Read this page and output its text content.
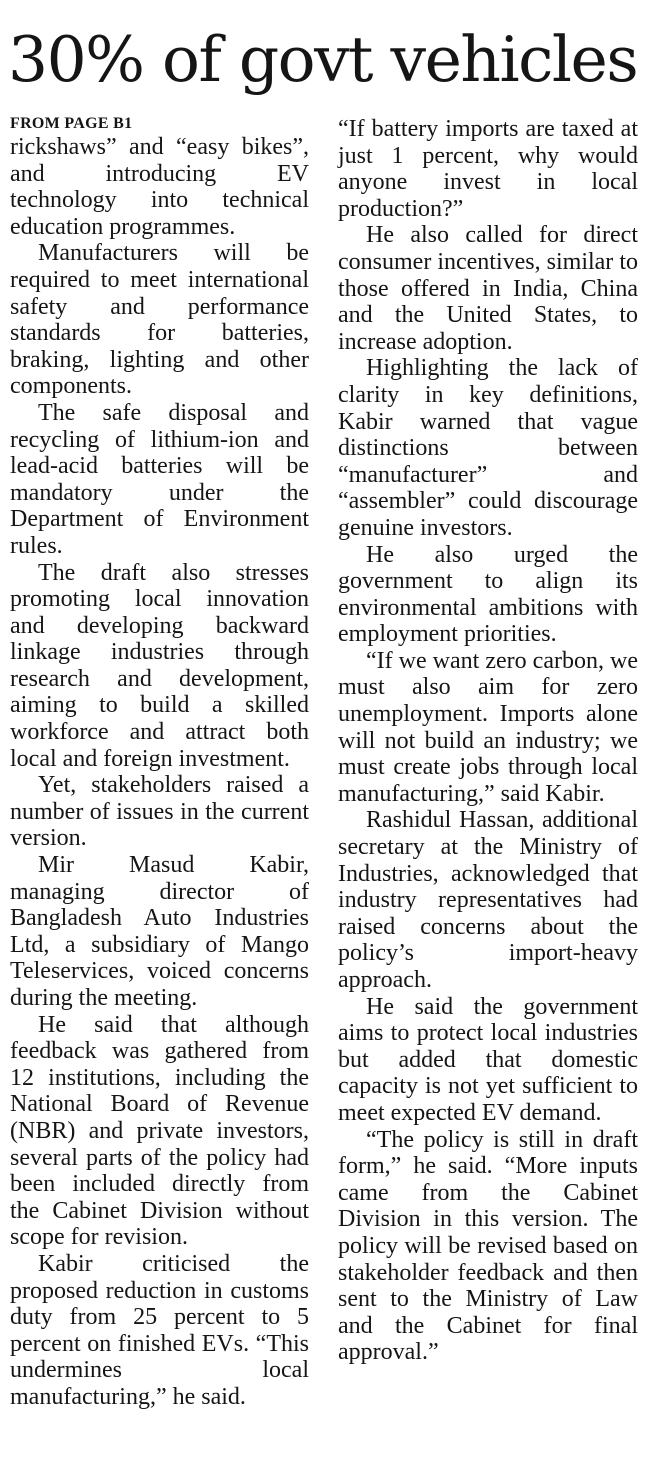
30% of govt vehicles
FROM PAGE B1

rickshaws” and “easy bikes”, and introducing EV technology into technical education programmes.

Manufacturers will be required to meet international safety and performance standards for batteries, braking, lighting and other components.

The safe disposal and recycling of lithium-ion and lead-acid batteries will be mandatory under the Department of Environment rules.

The draft also stresses promoting local innovation and developing backward linkage industries through research and development, aiming to build a skilled workforce and attract both local and foreign investment.

Yet, stakeholders raised a number of issues in the current version.

Mir Masud Kabir, managing director of Bangladesh Auto Industries Ltd, a subsidiary of Mango Teleservices, voiced concerns during the meeting.

He said that although feedback was gathered from 12 institutions, including the National Board of Revenue (NBR) and private investors, several parts of the policy had been included directly from the Cabinet Division without scope for revision.

Kabir criticised the proposed reduction in customs duty from 25 percent to 5 percent on finished EVs. “This undermines local manufacturing,” he said.

“If battery imports are taxed at just 1 percent, why would anyone invest in local production?”

He also called for direct consumer incentives, similar to those offered in India, China and the United States, to increase adoption.

Highlighting the lack of clarity in key definitions, Kabir warned that vague distinctions between “manufacturer” and “assembler” could discourage genuine investors.

He also urged the government to align its environmental ambitions with employment priorities.

“If we want zero carbon, we must also aim for zero unemployment. Imports alone will not build an industry; we must create jobs through local manufacturing,” said Kabir.

Rashidul Hassan, additional secretary at the Ministry of Industries, acknowledged that industry representatives had raised concerns about the policy’s import-heavy approach.

He said the government aims to protect local industries but added that domestic capacity is not yet sufficient to meet expected EV demand.

“The policy is still in draft form,” he said. “More inputs came from the Cabinet Division in this version. The policy will be revised based on stakeholder feedback and then sent to the Ministry of Law and the Cabinet for final approval.”
